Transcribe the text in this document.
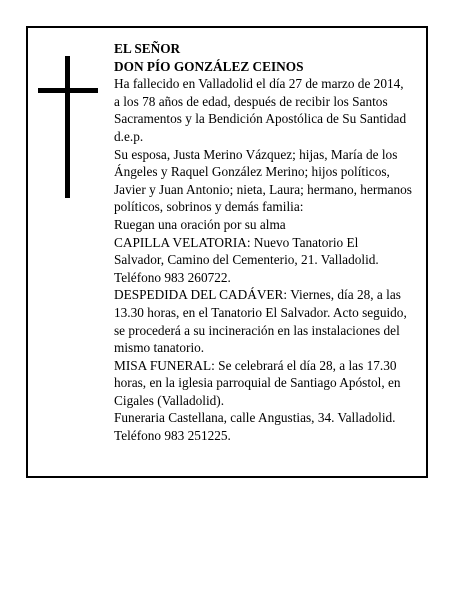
EL SEÑOR
DON PÍO GONZÁLEZ CEINOS
Ha fallecido en Valladolid el día 27 de marzo de 2014,
a los 78 años de edad, después de recibir los Santos
Sacramentos y la Bendición Apostólica de Su Santidad
d.e.p.
Su esposa, Justa Merino Vázquez; hijas, María de los
Ángeles y Raquel González Merino; hijos políticos,
Javier y Juan Antonio; nieta, Laura; hermano, hermanos
políticos, sobrinos y demás familia:
Ruegan una oración por su alma
CAPILLA VELATORIA: Nuevo Tanatorio El
Salvador, Camino del Cementerio, 21. Valladolid.
Teléfono 983 260722.
DESPEDIDA DEL CADÁVER: Viernes, día 28, a las
13.30 horas, en el Tanatorio El Salvador. Acto seguido,
se procederá a su incineración en las instalaciones del
mismo tanatorio.
MISA FUNERAL: Se celebrará el día 28, a las 17.30
horas, en la iglesia parroquial de Santiago Apóstol, en
Cigales (Valladolid).
Funeraria Castellana, calle Angustias, 34. Valladolid.
Teléfono 983 251225.
